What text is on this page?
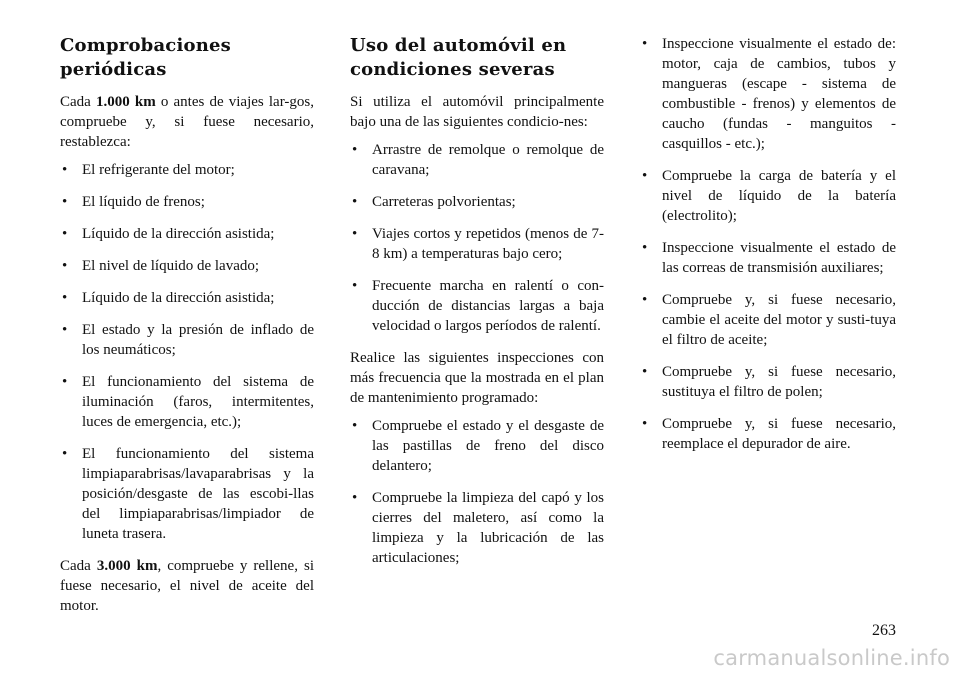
Comprobaciones periódicas

Cada 1.000 km o antes de viajes lar-gos, compruebe y, si fuese necesario, restablezca:

• El refrigerante del motor;
• El líquido de frenos;
• Líquido de la dirección asistida;
• El nivel de líquido de lavado;
• Líquido de la dirección asistida;
• El estado y la presión de inflado de los neumáticos;
• El funcionamiento del sistema de iluminación (faros, intermitentes, luces de emergencia, etc.);
• El funcionamiento del sistema limpiaparabrisas/lavaparabrisas y la posición/desgaste de las escobi-llas del limpiaparabrisas/limpiador de luneta trasera.

Cada 3.000 km, compruebe y rellene, si fuese necesario, el nivel de aceite del motor.

Uso del automóvil en condiciones severas

Si utiliza el automóvil principalmente bajo una de las siguientes condicio-nes:

• Arrastre de remolque o remolque de caravana;
• Carreteras polvorientas;
• Viajes cortos y repetidos (menos de 7-8 km) a temperaturas bajo cero;
• Frecuente marcha en ralentí o con-ducción de distancias largas a baja velocidad o largos períodos de ralentí.

Realice las siguientes inspecciones con más frecuencia que la mostrada en el plan de mantenimiento programado:

• Compruebe el estado y el desgaste de las pastillas de freno del disco delantero;
• Compruebe la limpieza del capó y los cierres del maletero, así como la limpieza y la lubricación de las articulaciones;
• Inspeccione visualmente el estado de: motor, caja de cambios, tubos y mangueras (escape - sistema de combustible - frenos) y elementos de caucho (fundas - manguitos - casquillos - etc.);
• Compruebe la carga de batería y el nivel de líquido de la batería (electrolito);
• Inspeccione visualmente el estado de las correas de transmisión auxiliares;
• Compruebe y, si fuese necesario, cambie el aceite del motor y susti-tuya el filtro de aceite;
• Compruebe y, si fuese necesario, sustituya el filtro de polen;
• Compruebe y, si fuese necesario, reemplace el depurador de aire.
263
carmanualsonline.info
